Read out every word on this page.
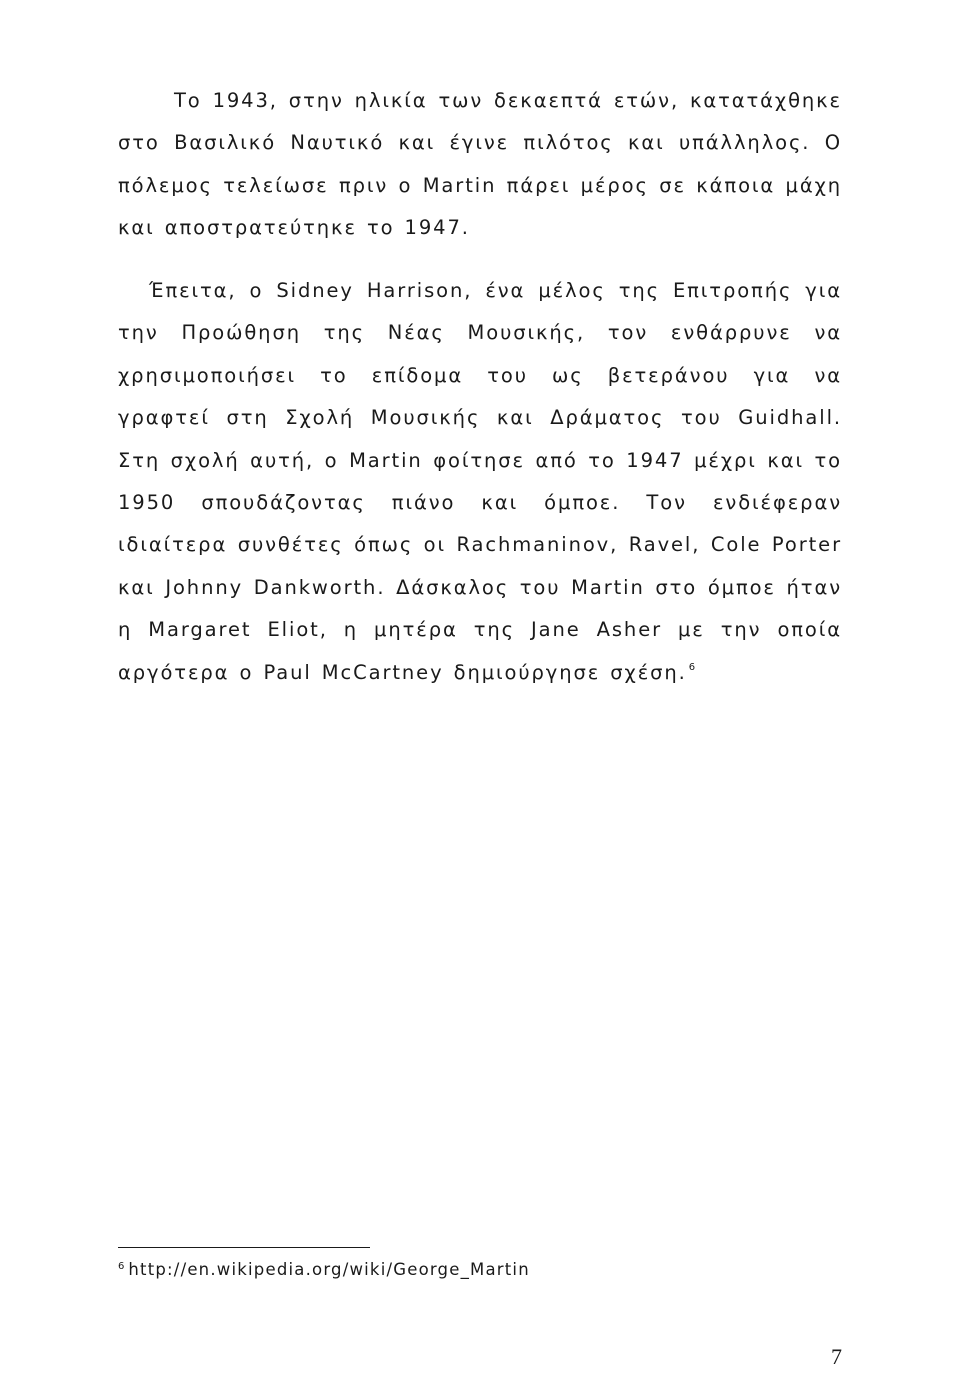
Το 1943, στην ηλικία των δεκαεπτά ετών, κατατάχθηκε στο Βασιλικό Ναυτικό και έγινε πιλότος και υπάλληλος. Ο πόλεμος τελείωσε πριν ο Martin πάρει μέρος σε κάποια μάχη και αποστρατεύτηκε το 1947.

Έπειτα, ο Sidney Harrison, ένα μέλος της Επιτροπής για την Προώθηση της Νέας Μουσικής, τον ενθάρρυνε να χρησιμοποιήσει το επίδομα του ως βετεράνου για να γραφτεί στη Σχολή Μουσικής και Δράματος του Guidhall. Στη σχολή αυτή, ο Martin φοίτησε από το 1947 μέχρι και το 1950 σπουδάζοντας πιάνο και όμποε. Τον ενδιέφεραν ιδιαίτερα συνθέτες όπως οι Rachmaninov, Ravel, Cole Porter και Johnny Dankworth. Δάσκαλος του Martin στο όμποε ήταν η Margaret Eliot, η μητέρα της Jane Asher με την οποία αργότερα ο Paul McCartney δημιούργησε σχέση. $^6$

$^6$ http://en.wikipedia.org/wiki/George_Martin
7
